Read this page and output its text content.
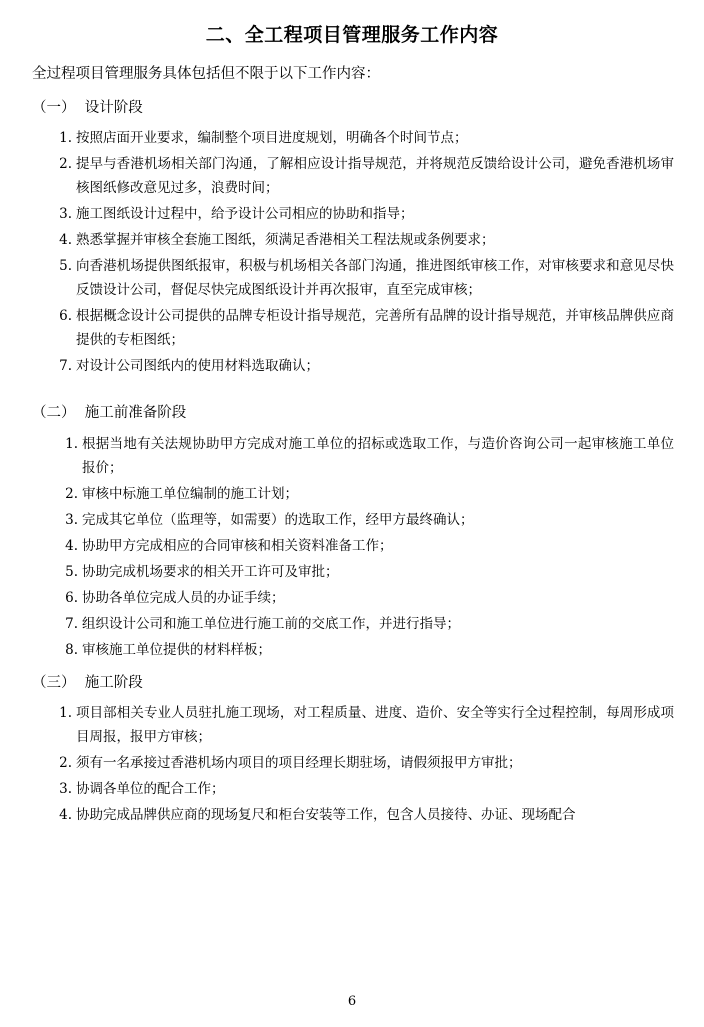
二、全工程项目管理服务工作内容

全过程项目管理服务具体包括但不限于以下工作内容：

（一）  设计阶段
1. 按照店面开业要求，编制整个项目进度规划，明确各个时间节点；
2. 提早与香港机场相关部门沟通，了解相应设计指导规范，并将规范反馈给设计公司，避免香港机场审核图纸修改意见过多，浪费时间；
3. 施工图纸设计过程中，给予设计公司相应的协助和指导；
4. 熟悉掌握并审核全套施工图纸，须满足香港相关工程法规或条例要求；
5. 向香港机场提供图纸报审，积极与机场相关各部门沟通，推进图纸审核工作，对审核要求和意见尽快反馈设计公司，督促尽快完成图纸设计并再次报审，直至完成审核；
6. 根据概念设计公司提供的品牌专柜设计指导规范，完善所有品牌的设计指导规范，并审核品牌供应商提供的专柜图纸；
7. 对设计公司图纸内的使用材料选取确认；
（二）  施工前准备阶段
1. 根据当地有关法规协助甲方完成对施工单位的招标或选取工作，与造价咨询公司一起审核施工单位报价；
2. 审核中标施工单位编制的施工计划；
3. 完成其它单位（监理等，如需要）的选取工作，经甲方最终确认；
4. 协助甲方完成相应的合同审核和相关资料准备工作；
5. 协助完成机场要求的相关开工许可及审批；
6. 协助各单位完成人员的办证手续；
7. 组织设计公司和施工单位进行施工前的交底工作，并进行指导；
8. 审核施工单位提供的材料样板；
（三）  施工阶段
1. 项目部相关专业人员驻扎施工现场，对工程质量、进度、造价、安全等实行全过程控制，每周形成项目周报，报甲方审核；
2. 须有一名承接过香港机场内项目的项目经理长期驻场，请假须报甲方审批；
3. 协调各单位的配合工作；
4. 协助完成品牌供应商的现场复尺和柜台安装等工作，包含人员接待、办证、现场配合
6
